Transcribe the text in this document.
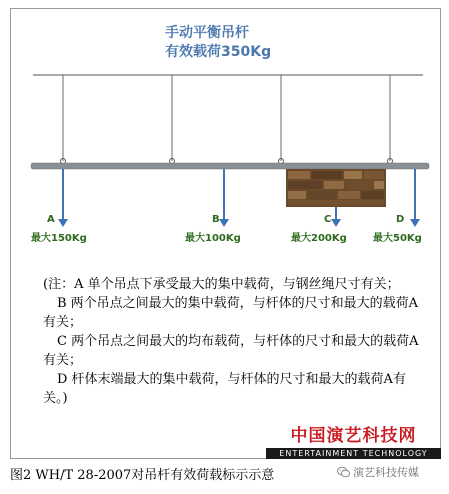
手动平衡吊杆
有效载荷350Kg
A
最大150Kg
B
最大100Kg
C
最大200Kg
D
最大50Kg

(注：A 单个吊点下承受最大的集中载荷，与钢丝绳尺寸有关；

B 两个吊点之间最大的集中载荷，与杆体的尺寸和最大的载荷A有关；

C 两个吊点之间最大的均布载荷，与杆体的尺寸和最大的载荷A有关；

D 杆体末端最大的集中载荷，与杆体的尺寸和最大的载荷A有关。)

中国演艺科技网
ENTERTAINMENT TECHNOLOGY
图2 WH/T 28-2007对吊杆有效荷载标示示意	演艺科技传媒
